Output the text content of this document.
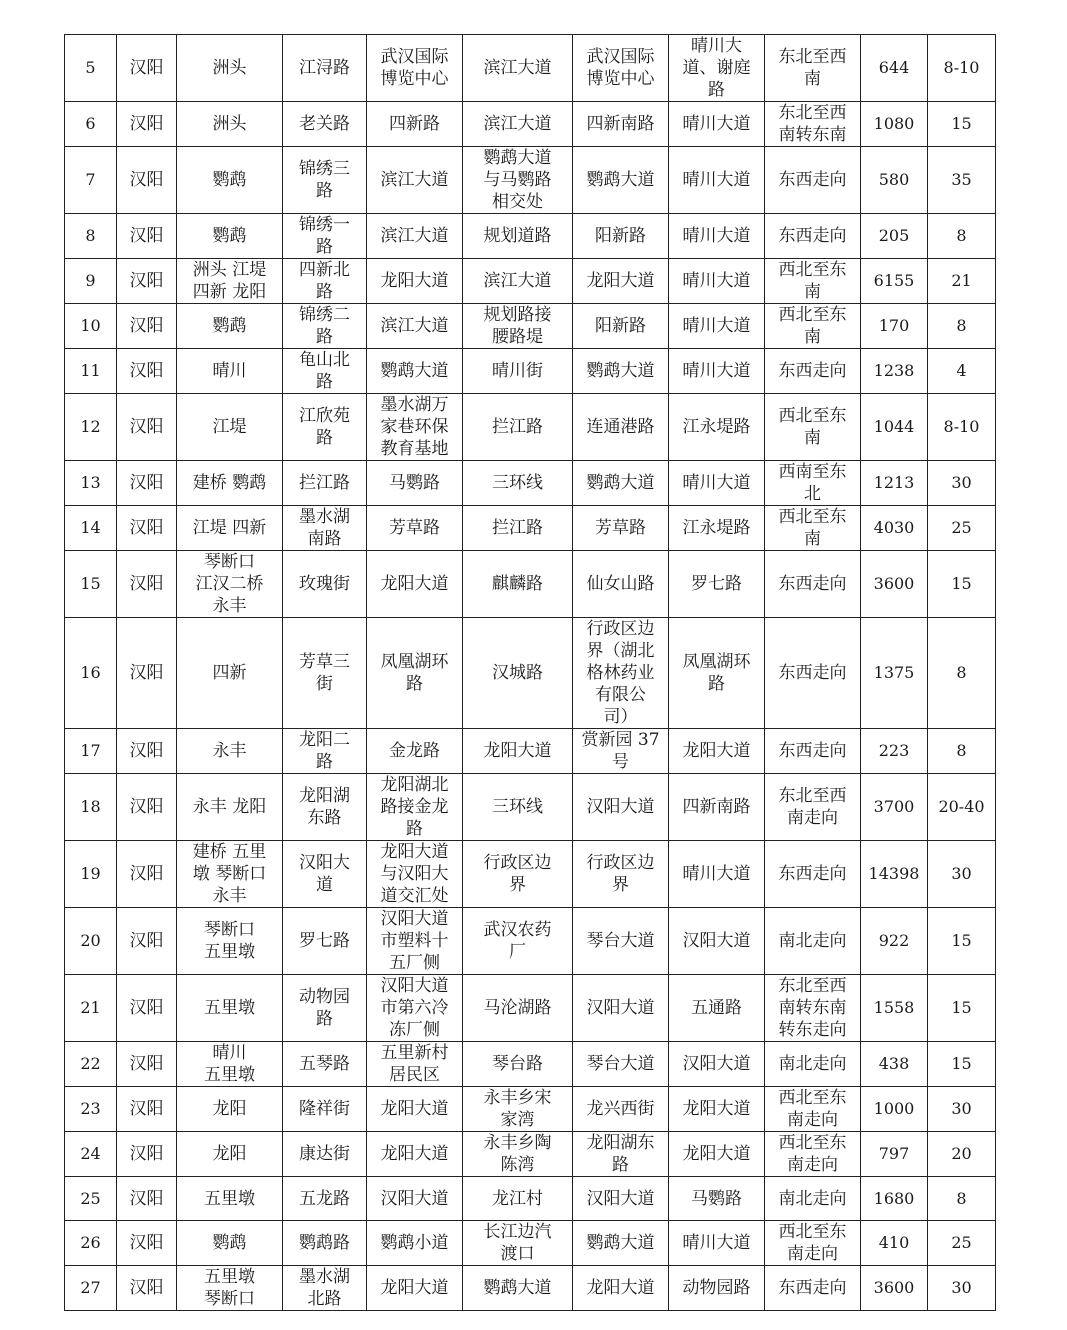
5	汉阳	洲头	江浔路	武汉国际
博览中心	滨江大道	武汉国际
博览中心	晴川大
道、谢庭
路	东北至西
南	644	8-10

6	汉阳	洲头	老关路	四新路	滨江大道	四新南路	晴川大道	东北至西
南转东南	1080	15

7	汉阳	鹦鹉	锦绣三
路	滨江大道	鹦鹉大道
与马鹦路
相交处	鹦鹉大道	晴川大道	东西走向	580	35

8	汉阳	鹦鹉	锦绣一
路	滨江大道	规划道路	阳新路	晴川大道	东西走向	205	8

9	汉阳	洲头 江堤
四新 龙阳	四新北
路	龙阳大道	滨江大道	龙阳大道	晴川大道	西北至东
南	6155	21

10	汉阳	鹦鹉	锦绣二
路	滨江大道	规划路接
腰路堤	阳新路	晴川大道	西北至东
南	170	8

11	汉阳	晴川	龟山北
路	鹦鹉大道	晴川街	鹦鹉大道	晴川大道	东西走向	1238	4

12	汉阳	江堤	江欣苑
路	墨水湖万
家巷环保
教育基地	拦江路	连通港路	江永堤路	西北至东
南	1044	8-10

13	汉阳	建桥 鹦鹉	拦江路	马鹦路	三环线	鹦鹉大道	晴川大道	西南至东
北	1213	30

14	汉阳	江堤 四新	墨水湖
南路	芳草路	拦江路	芳草路	江永堤路	西北至东
南	4030	25

15	汉阳	琴断口
江汉二桥
永丰	玫瑰街	龙阳大道	麒麟路	仙女山路	罗七路	东西走向	3600	15

16	汉阳	四新	芳草三
街	凤凰湖环
路	汉城路	行政区边
界（湖北
格林药业
有限公
司）	凤凰湖环
路	东西走向	1375	8

17	汉阳	永丰	龙阳二
路	金龙路	龙阳大道	赏新园 37
号	龙阳大道	东西走向	223	8

18	汉阳	永丰 龙阳	龙阳湖
东路	龙阳湖北
路接金龙
路	三环线	汉阳大道	四新南路	东北至西
南走向	3700	20-40

19	汉阳	建桥 五里
墩 琴断口
永丰	汉阳大
道	龙阳大道
与汉阳大
道交汇处	行政区边
界	行政区边
界	晴川大道	东西走向	14398	30

20	汉阳	琴断口
五里墩	罗七路	汉阳大道
市塑料十
五厂侧	武汉农药
厂	琴台大道	汉阳大道	南北走向	922	15

21	汉阳	五里墩	动物园
路	汉阳大道
市第六冷
冻厂侧	马沦湖路	汉阳大道	五通路	东北至西
南转东南
转东走向	1558	15

22	汉阳	晴川
五里墩	五琴路	五里新村
居民区	琴台路	琴台大道	汉阳大道	南北走向	438	15

23	汉阳	龙阳	隆祥街	龙阳大道	永丰乡宋
家湾	龙兴西街	龙阳大道	西北至东
南走向	1000	30

24	汉阳	龙阳	康达街	龙阳大道	永丰乡陶
陈湾	龙阳湖东
路	龙阳大道	西北至东
南走向	797	20

25	汉阳	五里墩	五龙路	汉阳大道	龙江村	汉阳大道	马鹦路	南北走向	1680	8

26	汉阳	鹦鹉	鹦鹉路	鹦鹉小道	长江边汽
渡口	鹦鹉大道	晴川大道	西北至东
南走向	410	25

27	汉阳	五里墩
琴断口	墨水湖
北路	龙阳大道	鹦鹉大道	龙阳大道	动物园路	东西走向	3600	30
